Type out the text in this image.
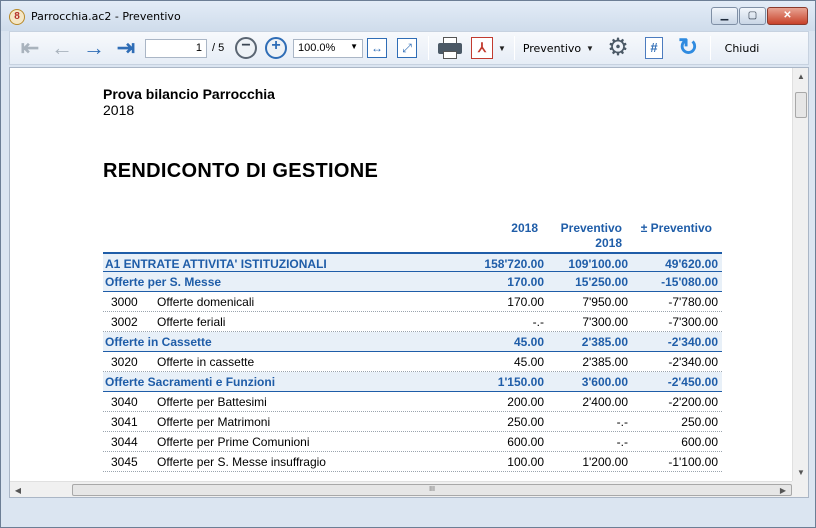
8	Parrocchia.ac2 - Preventivo	▁	▢	✕
⇤ ← → ⇥	1 / 5 − +	100.0% ▼	↔	⤢	⅄	▼ Preventivo ▼ ⚙	# ↻	Chiudi
Prova bilancio Parrocchia
2018
RENDICONTO DI GESTIONE
2018	Preventivo
2018
± Preventivo
A1 ENTRATE ATTIVITA' ISTITUZIONALI	158'720.00 109'100.00	49'620.00
Offerte per S. Messe	170.00	15'250.00	-15'080.00
3000 Offerte domenicali	170.00	7'950.00	-7'780.00
3002 Offerte feriali	-.-	7'300.00	-7'300.00
Offerte in Cassette	45.00	2'385.00	-2'340.00
3020 Offerte in cassette	45.00	2'385.00	-2'340.00
Offerte Sacramenti e Funzioni	1'150.00	3'600.00	-2'450.00
3040 Offerte per Battesimi	200.00	2'400.00	-2'200.00
3041 Offerte per Matrimoni	250.00	-.-	250.00
3044 Offerte per Prime Comunioni	600.00	-.-	600.00
3045 Offerte per S. Messe insuffragio	100.00	1'200.00	-1'100.00
▲
▼
◀	III	▶
